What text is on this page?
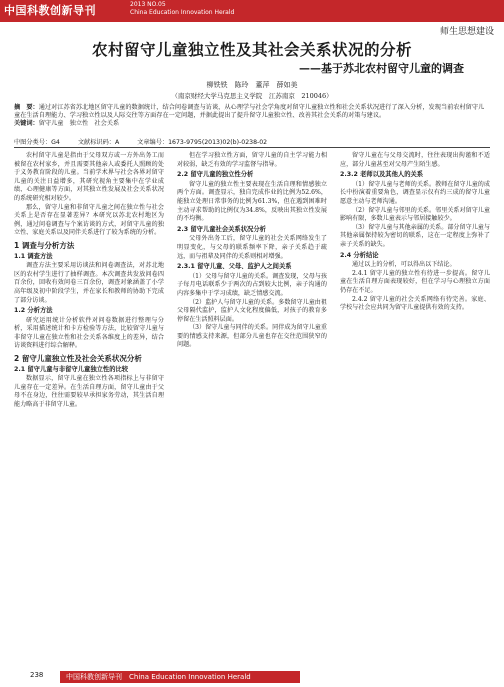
中国科教创新导刊	2013 NO.05
China Education Innovation Herald
师生思想建设
农村留守儿童独立性及其社会关系状况的分析
——基于苏北农村留守儿童的调查
柳铁铁　陈玲　董萍　薛如美
（南京财经大学马克思主义学院　江苏南京　210046）
摘　要：通过对江苏省苏北地区留守儿童的数据统计，结合问卷调查与访谈，从心理学与社会学角度对留守儿童独立性和社会关系状况进行了深入分析，发现当前农村留守儿童在生活自理能力、学习独立性以及人际交往等方面存在一定问题，并据此提出了提升留守儿童独立性、改善其社会关系的对策与建议。
关键词：留守儿童　独立性　社会关系
中图分类号：G4	文献标识码：A	文章编号：1673-9795(2013)02(b)-0238-02

农村留守儿童是指由于父母双方或一方外出务工而被留在农村家乡，并且需要其他亲人或委托人照顾的处于义务教育阶段的儿童。当前学术界与社会各界对留守儿童的关注日益增多，其研究视角主要集中在学业成绩、心理健康等方面，对其独立性发展及社会关系状况的系统研究相对较少。

那么，留守儿童和非留守儿童之间在独立性与社会关系上是否存在显著差异？本研究以苏北农村地区为例，通过问卷调查与个案访谈的方式，对留守儿童的独立性、家庭关系以及同伴关系进行了较为系统的分析。

1 调查与分析方法
1.1 调查方法

调查方法主要采用访谈法和问卷调查法，对苏北地区的农村学生进行了抽样调查。本次调查共发放问卷四百余份，回收有效问卷三百余份，调查对象涵盖了小学高年级及初中阶段学生，并在家长和教师的协助下完成了部分访谈。

1.2 分析方法

研究运用统计分析软件对问卷数据进行整理与分析，采用描述统计和卡方检验等方法，比较留守儿童与非留守儿童在独立性和社会关系各维度上的差异，结合访谈资料进行综合解释。

2 留守儿童独立性及社会关系状况分析
2.1 留守儿童与非留守儿童独立性的比较

数据显示，留守儿童在独立性各项指标上与非留守儿童存在一定差异。在生活自理方面，留守儿童由于父母不在身边，往往需要较早承担家务劳动，其生活自理能力略高于非留守儿童。

但在学习独立性方面，留守儿童的自主学习能力相对较弱，缺乏有效的学习监督与指导。

2.2 留守儿童的独立性分析

留守儿童的独立性主要表现在生活自理和情感独立两个方面。调查显示，独自完成作业的比例为52.6%，能独立处理日常事务的比例为61.3%，但在遇到困难时主动寻求帮助的比例仅为34.8%，反映出其独立性发展的不均衡。

2.3 留守儿童社会关系状况分析

父母外出务工后，留守儿童的社会关系网络发生了明显变化，与父母的联系频率下降，亲子关系趋于疏远，而与祖辈及同伴的关系则相对增强。

2.3.1 留守儿童、父母、监护人之间关系

（1）父母与留守儿童的关系。调查发现，父母与孩子每月电话联系少于两次的占到较大比例，亲子沟通的内容多集中于学习成绩，缺乏情感交流。

（2）监护人与留守儿童的关系。多数留守儿童由祖父母隔代监护，监护人文化程度偏低，对孩子的教育多停留在生活照料层面。

（3）留守儿童与同伴的关系。同伴成为留守儿童重要的情感支持来源，但部分儿童也存在交往范围狭窄的问题。

留守儿童在与父母交流时，往往表现出拘谨和不适应，部分儿童甚至对父母产生陌生感。

2.3.2 老师以及其他人的关系

（1）留守儿童与老师的关系。教师在留守儿童的成长中扮演着重要角色，调查显示仅有约三成的留守儿童愿意主动与老师沟通。

（2）留守儿童与邻里的关系。邻里关系对留守儿童影响有限，多数儿童表示与邻居接触较少。

（3）留守儿童与其他亲属的关系。部分留守儿童与其他亲属保持较为密切的联系，这在一定程度上弥补了亲子关系的缺失。

2.4 分析结论

通过以上的分析，可以得出以下结论。

2.4.1 留守儿童的独立性有待进一步提高。留守儿童在生活自理方面表现较好，但在学习与心理独立方面仍存在不足。

2.4.2 留守儿童的社会关系网络有待完善。家庭、学校与社会应共同为留守儿童提供有效的支持。

238	中国科教创新导刊　China Education Innovation Herald
